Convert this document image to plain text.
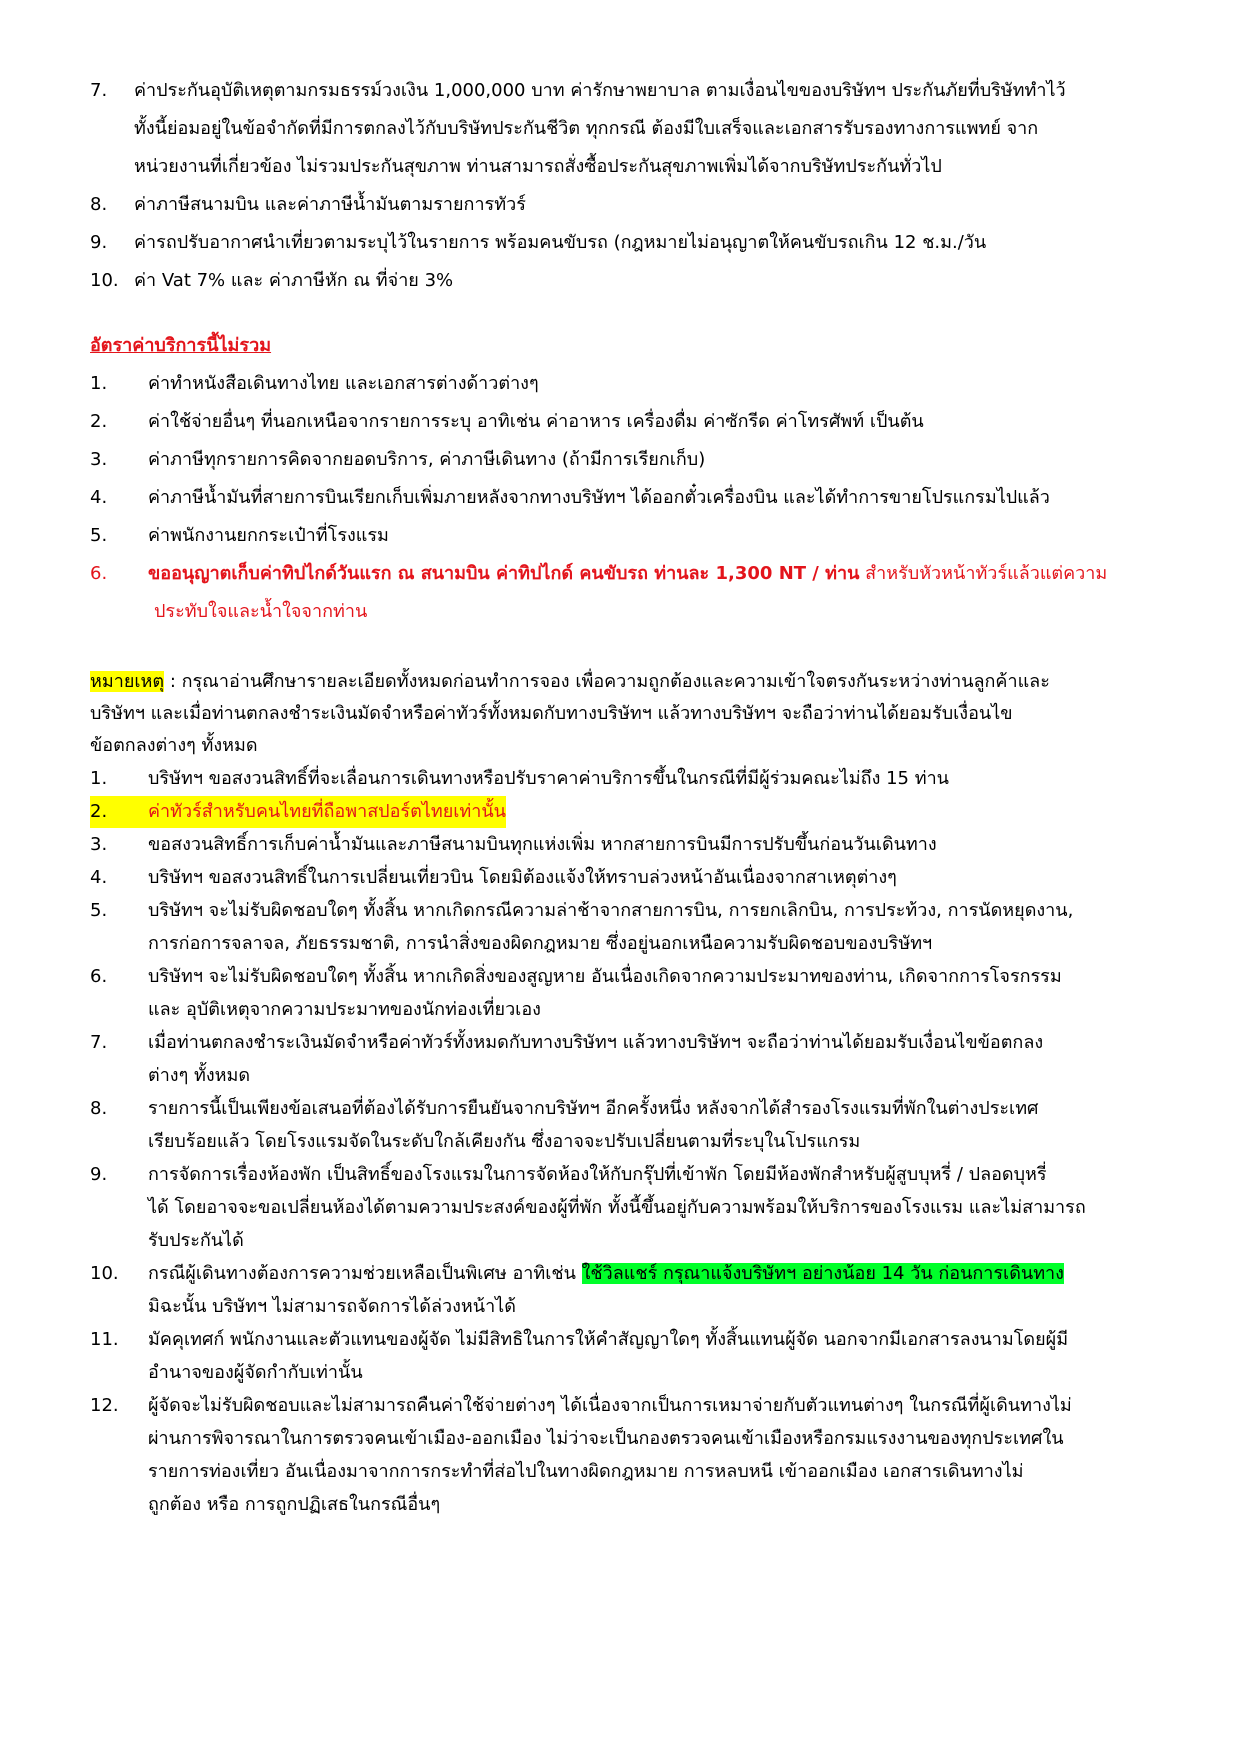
7.	ค่าประกันอุบัติเหตุตามกรมธรรม์วงเงิน 1,000,000 บาท ค่ารักษาพยาบาล ตามเงื่อนไขของบริษัทฯ ประกันภัยที่บริษัททำไว้
ทั้งนี้ย่อมอยู่ในข้อจำกัดที่มีการตกลงไว้กับบริษัทประกันชีวิต ทุกกรณี ต้องมีใบเสร็จและเอกสารรับรองทางการแพทย์ จาก
หน่วยงานที่เกี่ยวข้อง ไม่รวมประกันสุขภาพ ท่านสามารถสั่งซื้อประกันสุขภาพเพิ่มได้จากบริษัทประกันทั่วไป
8.	ค่าภาษีสนามบิน และค่าภาษีน้ำมันตามรายการทัวร์
9.	ค่ารถปรับอากาศนำเที่ยวตามระบุไว้ในรายการ พร้อมคนขับรถ (กฎหมายไม่อนุญาตให้คนขับรถเกิน 12 ช.ม./วัน
10. ค่า Vat 7% และ ค่าภาษีหัก ณ ที่จ่าย 3%
อัตราค่าบริการนี้ไม่รวม
1.	ค่าทำหนังสือเดินทางไทย และเอกสารต่างด้าวต่างๆ
2.	ค่าใช้จ่ายอื่นๆ ที่นอกเหนือจากรายการระบุ อาทิเช่น ค่าอาหาร เครื่องดื่ม ค่าซักรีด ค่าโทรศัพท์ เป็นต้น
3.	ค่าภาษีทุกรายการคิดจากยอดบริการ, ค่าภาษีเดินทาง (ถ้ามีการเรียกเก็บ)
4.	ค่าภาษีน้ำมันที่สายการบินเรียกเก็บเพิ่มภายหลังจากทางบริษัทฯ ได้ออกตั๋วเครื่องบิน และได้ทำการขายโปรแกรมไปแล้ว
5.	ค่าพนักงานยกกระเป๋าที่โรงแรม
6.	ขออนุญาตเก็บค่าทิปไกด์วันแรก ณ สนามบิน ค่าทิปไกด์ คนขับรถ ท่านละ 1,300 NT / ท่าน สำหรับหัวหน้าทัวร์แล้วแต่ความ
ประทับใจและน้ำใจจากท่าน
หมายเหตุ : กรุณาอ่านศึกษารายละเอียดทั้งหมดก่อนทำการจอง เพื่อความถูกต้องและความเข้าใจตรงกันระหว่างท่านลูกค้าและ
บริษัทฯ และเมื่อท่านตกลงชำระเงินมัดจำหรือค่าทัวร์ทั้งหมดกับทางบริษัทฯ แล้วทางบริษัทฯ จะถือว่าท่านได้ยอมรับเงื่อนไข
ข้อตกลงต่างๆ ทั้งหมด
1.	บริษัทฯ ขอสงวนสิทธิ์ที่จะเลื่อนการเดินทางหรือปรับราคาค่าบริการขึ้นในกรณีที่มีผู้ร่วมคณะไม่ถึง 15 ท่าน
2.	ค่าทัวร์สำหรับคนไทยที่ถือพาสปอร์ตไทยเท่านั้น
3.	ขอสงวนสิทธิ์การเก็บค่าน้ำมันและภาษีสนามบินทุกแห่งเพิ่ม หากสายการบินมีการปรับขึ้นก่อนวันเดินทาง
4.	บริษัทฯ ขอสงวนสิทธิ์ในการเปลี่ยนเที่ยวบิน โดยมิต้องแจ้งให้ทราบล่วงหน้าอันเนื่องจากสาเหตุต่างๆ
5.	บริษัทฯ จะไม่รับผิดชอบใดๆ ทั้งสิ้น หากเกิดกรณีความล่าช้าจากสายการบิน, การยกเลิกบิน, การประท้วง, การนัดหยุดงาน,
การก่อการจลาจล, ภัยธรรมชาติ, การนำสิ่งของผิดกฎหมาย ซึ่งอยู่นอกเหนือความรับผิดชอบของบริษัทฯ
6.	บริษัทฯ จะไม่รับผิดชอบใดๆ ทั้งสิ้น หากเกิดสิ่งของสูญหาย อันเนื่องเกิดจากความประมาทของท่าน, เกิดจากการโจรกรรม
และ อุบัติเหตุจากความประมาทของนักท่องเที่ยวเอง
7.	เมื่อท่านตกลงชำระเงินมัดจำหรือค่าทัวร์ทั้งหมดกับทางบริษัทฯ แล้วทางบริษัทฯ จะถือว่าท่านได้ยอมรับเงื่อนไขข้อตกลง
ต่างๆ ทั้งหมด
8.	รายการนี้เป็นเพียงข้อเสนอที่ต้องได้รับการยืนยันจากบริษัทฯ อีกครั้งหนึ่ง หลังจากได้สำรองโรงแรมที่พักในต่างประเทศ
เรียบร้อยแล้ว โดยโรงแรมจัดในระดับใกล้เคียงกัน ซึ่งอาจจะปรับเปลี่ยนตามที่ระบุในโปรแกรม
9.	การจัดการเรื่องห้องพัก เป็นสิทธิ์ของโรงแรมในการจัดห้องให้กับกรุ๊ปที่เข้าพัก โดยมีห้องพักสำหรับผู้สูบบุหรี่ / ปลอดบุหรี่
ได้ โดยอาจจะขอเปลี่ยนห้องได้ตามความประสงค์ของผู้ที่พัก ทั้งนี้ขึ้นอยู่กับความพร้อมให้บริการของโรงแรม และไม่สามารถ
รับประกันได้
10.	กรณีผู้เดินทางต้องการความช่วยเหลือเป็นพิเศษ อาทิเช่น ใช้วิลแชร์ กรุณาแจ้งบริษัทฯ อย่างน้อย 14 วัน ก่อนการเดินทาง
มิฉะนั้น บริษัทฯ ไม่สามารถจัดการได้ล่วงหน้าได้
11.	มัคคุเทศก์ พนักงานและตัวแทนของผู้จัด ไม่มีสิทธิในการให้คำสัญญาใดๆ ทั้งสิ้นแทนผู้จัด นอกจากมีเอกสารลงนามโดยผู้มี
อำนาจของผู้จัดกำกับเท่านั้น
12.	ผู้จัดจะไม่รับผิดชอบและไม่สามารถคืนค่าใช้จ่ายต่างๆ ได้เนื่องจากเป็นการเหมาจ่ายกับตัวแทนต่างๆ ในกรณีที่ผู้เดินทางไม่
ผ่านการพิจารณาในการตรวจคนเข้าเมือง-ออกเมือง ไม่ว่าจะเป็นกองตรวจคนเข้าเมืองหรือกรมแรงงานของทุกประเทศใน
รายการท่องเที่ยว อันเนื่องมาจากการกระทำที่ส่อไปในทางผิดกฎหมาย การหลบหนี เข้าออกเมือง เอกสารเดินทางไม่
ถูกต้อง หรือ การถูกปฏิเสธในกรณีอื่นๆ
